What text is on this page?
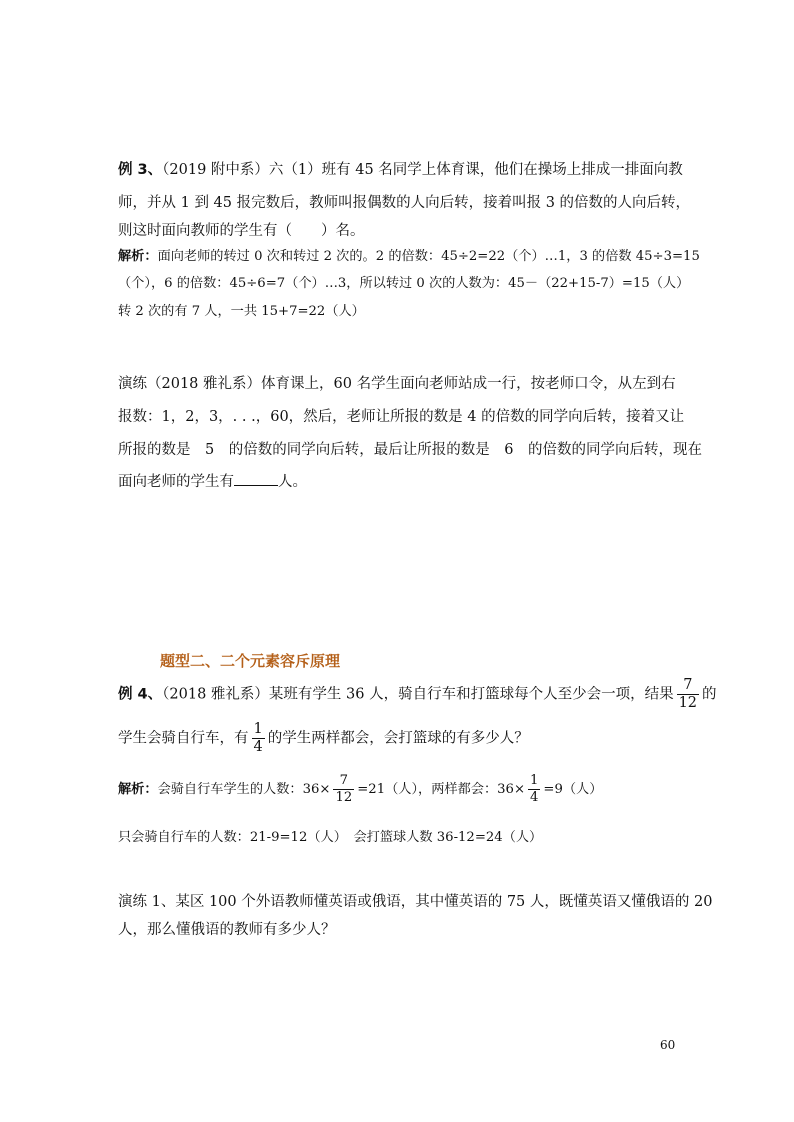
例 3、（2019 附中系）六（1）班有 45 名同学上体育课，他们在操场上排成一排面向教
师，并从 1 到 45 报完数后，教师叫报偶数的人向后转，接着叫报 3 的倍数的人向后转，
则这时面向教师的学生有（　　）名。
解析：面向老师的转过 0 次和转过 2 次的。2 的倍数：45÷2=22（个）…1，3 的倍数 45÷3=15
（个），6 的倍数：45÷6=7（个）…3，所以转过 0 次的人数为：45－（22+15-7）=15（人）
转 2 次的有 7 人，一共 15+7=22（人）
演练（2018 雅礼系）体育课上，60 名学生面向老师站成一行，按老师口令，从左到右
报数：1，2，3，. . .，60，然后，老师让所报的数是 4 的倍数的同学向后转，接着又让
所报的数是　5　的倍数的同学向后转，最后让所报的数是　6　的倍数的同学向后转，现在
面向老师的学生有	人。
题型二、二个元素容斥原理
例 4、（2018 雅礼系）某班有学生 36 人，骑自行车和打篮球每个人至少会一项，结果 $\frac{7}{12}$ 的
学生会骑自行车，有 $\frac{1}{4}$ 的学生两样都会，会打篮球的有多少人？
解析：会骑自行车学生的人数：$36\times \frac{7}{12} =21$（人），两样都会：$36\times \frac{1}{4} =9$（人）
只会骑自行车的人数：21-9=12（人）　会打篮球人数 36-12=24（人）
演练 1、某区 100 个外语教师懂英语或俄语，其中懂英语的 75 人，既懂英语又懂俄语的 20
人，那么懂俄语的教师有多少人？
60
